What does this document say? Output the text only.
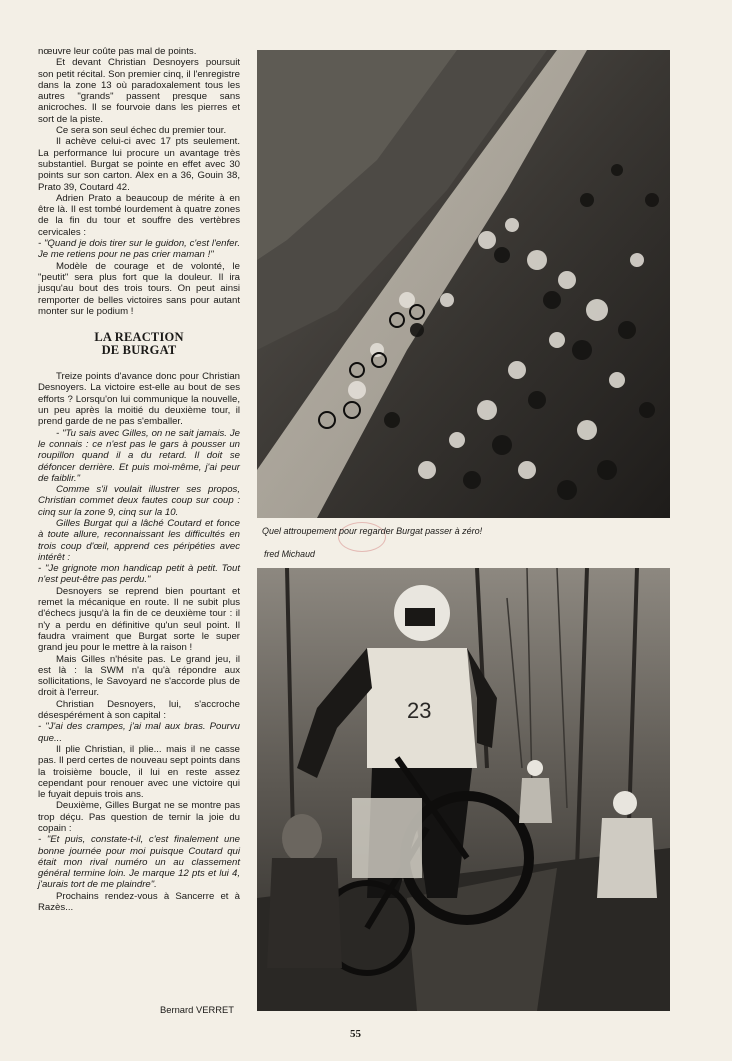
nœuvre leur coûte pas mal de points.

Et devant Christian Desnoyers poursuit son petit récital. Son premier cinq, il l'enregistre dans la zone 13 où paradoxalement tous les autres "grands" passent presque sans anicroches. Il se fourvoie dans les pierres et sort de la piste.

Ce sera son seul échec du premier tour.

Il achève celui-ci avec 17 pts seulement. La performance lui procure un avantage très substantiel. Burgat se pointe en effet avec 30 points sur son carton. Alex en a 36, Gouin 38, Prato 39, Coutard 42.

Adrien Prato a beaucoup de mérite à en être là. Il est tombé lourdement à quatre zones de la fin du tour et souffre des vertèbres cervicales :

- "Quand je dois tirer sur le guidon, c'est l'enfer. Je me retiens pour ne pas crier maman !"

Modèle de courage et de volonté, le "peutit" sera plus fort que la douleur. Il ira jusqu'au bout des trois tours. On peut ainsi remporter de belles victoires sans pour autant monter sur le podium !

LA REACTION
DE BURGAT

Treize points d'avance donc pour Christian Desnoyers. La victoire est-elle au bout de ses efforts ? Lorsqu'on lui communique la nouvelle, un peu après la moitié du deuxième tour, il prend garde de ne pas s'emballer.

- "Tu sais avec Gilles, on ne sait jamais. Je le connais : ce n'est pas le gars à pousser un roupillon quand il a du retard. Il doit se défoncer derrière. Et puis moi-même, j'ai peur de faiblir."

Comme s'il voulait illustrer ses propos, Christian commet deux fautes coup sur coup : cinq sur la zone 9, cinq sur la 10.

Gilles Burgat qui a lâché Coutard et fonce à toute allure, reconnaissant les difficultés en trois coup d'œil, apprend ces péripéties avec intérêt :

- "Je grignote mon handicap petit à petit. Tout n'est peut-être pas perdu."

Desnoyers se reprend bien pourtant et remet la mécanique en route. Il ne subit plus d'échecs jusqu'à la fin de ce deuxième tour : il n'y a perdu en définitive qu'un seul point. Il faudra vraiment que Burgat sorte le super grand jeu pour le mettre à la raison !

Mais Gilles n'hésite pas. Le grand jeu, il est là : la SWM n'a qu'à répondre aux sollicitations, le Savoyard ne s'accorde plus de droit à l'erreur.

Christian Desnoyers, lui, s'accroche désespérément à son capital :

- "J'ai des crampes, j'ai mal aux bras. Pourvu que...

Il plie Christian, il plie... mais il ne casse pas. Il perd certes de nouveau sept points dans la troisième boucle, il lui en reste assez cependant pour renouer avec une victoire qui le fuyait depuis trois ans.

Deuxième, Gilles Burgat ne se montre pas trop déçu. Pas question de ternir la joie du copain :

- "Et puis, constate-t-il, c'est finalement une bonne journée pour moi puisque Coutard qui était mon rival numéro un au classement général termine loin. Je marque 12 pts et lui 4, j'aurais tort de me plaindre".

Prochains rendez-vous à Sancerre et à Razès...

Bernard VERRET
Quel attroupement pour regarder Burgat passer à zéro!
fred Michaud
23
55
